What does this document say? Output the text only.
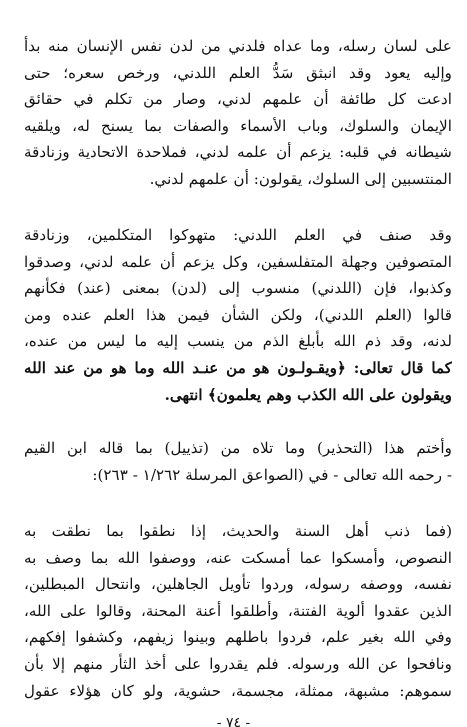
على لسان رسله، وما عداه فلدني من لدن نفس الإنسان منه بدأ
وإليه يعود وقد انبثق سَدُّ العلم اللدني، ورخص سعره؛ حتى
ادعت كل طائفة أن علمهم لدني، وصار من تكلم في حقائق
الإيمان والسلوك، وباب الأسماء والصفات بما يسنح له، ويلقيه
شيطانه في قلبه: يزعم أن علمه لدني، فملاحدة الاتحادية وزنادقة
المنتسبين إلى السلوك، يقولون: أن علمهم لدني.
وقد صنف في العلم اللدني: متهوكوا المتكلمين، وزنادقة
المتصوفين وجهلة المتفلسفين، وكل يزعم أن علمه لدني، وصدقوا
وكذبوا، فإن (اللدني) منسوب إلى (لدن) بمعنى (عند) فكأنهم
قالوا (العلم اللدني)، ولكن الشأن فيمن هذا العلم عنده ومن
لدنه، وقد ذم الله بأبلغ الذم من ينسب إليه ما ليس من عنده،
كما قال تعالى: ﴿ويقـولـون هو من عنـد الله وما هو من عند الله
ويقولون على الله الكذب وهم يعلمون﴾ انتهى.
وأختم هذا (التحذير) وما تلاه من (تذييل) بما قاله ابن القيم
- رحمه الله تعالى - في (الصواعق المرسلة ١/٢٦٢ - ٢٦٣):
(فما ذنب أهل السنة والحديث، إذا نطقوا بما نطقت به
النصوص، وأمسكوا عما أمسكت عنه، ووصفوا الله بما وصف به
نفسه، ووصفه رسوله، وردوا تأويل الجاهلين، وانتحال المبطلين،
الذين عقدوا ألوية الفتنة، وأطلقوا أعنة المحنة، وقالوا على الله،
وفي الله بغير علم، فردوا باطلهم وبينوا زيفهم، وكشفوا إفكهم،
ونافحوا عن الله ورسوله. فلم يقدروا على أخذ الثأر منهم إلا بأن
سموهم: مشبهة، ممثلة، مجسمة، حشوية، ولو كان هؤلاء عقول
- ٧٤ -
